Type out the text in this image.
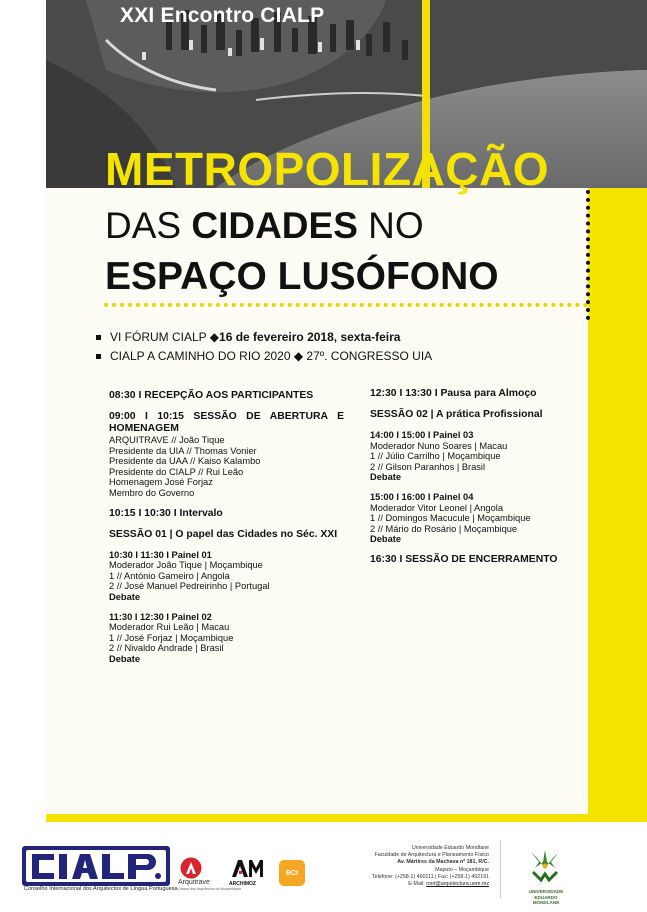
XXI Encontro CIALP
METROPOLIZAÇÃO
DAS CIDADES NO
ESPAÇO LUSÓFONO
VI FÓRUM CIALP ◆ 16 de fevereiro 2018, sexta-feira
CIALP A CAMINHO DO RIO 2020 ◆ 27º. CONGRESSO UIA
08:30 I RECEPÇÃO AOS PARTICIPANTES
09:00 I 10:15 SESSÃO DE ABERTURA E
HOMENAGEM
ARQUITRAVE // João Tique
Presidente da UIA // Thomas Vonier
Presidente da UAA // Kaiso Kalambo
Presidente do CIALP // Rui Leão
Homenagem José Forjaz
Membro do Governo
10:15 I 10:30 I Intervalo
SESSÃO 01 | O papel das Cidades no Séc. XXI
10:30 I 11:30 I Painel 01
Moderador João Tique | Moçambique
1 // António Gameiro | Angola
2 // José Manuel Pedreirinho | Portugal
Debate
11:30 I 12:30 I Painel 02
Moderador Rui Leão | Macau
1 // José Forjaz | Moçambique
2 // Nivaldo Andrade | Brasil
Debate
12:30 I 13:30 I Pausa para Almoço
SESSÃO 02 | A prática Profissional
14:00 I 15:00 I Painel 03
Moderador Nuno Soares | Macau
1 // Júlio Carrilho | Moçambique
2 // Gilson Paranhos | Brasil
Debate
15:00 I 16:00 I Painel 04
Moderador Vitor Leonel | Angola
1 // Domingos Macucule | Moçambique
2 // Mário do Rosário | Moçambique
Debate
16:30 I SESSÃO DE ENCERRAMENTO
Conselho Internacional dos Arquitectos de Língua Portuguesa
Arquitrave
Ordem dos Arquitectos de Moçambique
ARCHIMOZ
BCI
Universidade Eduardo Mondlane
Faculdade de Arquitectura e Planeamento Físico
Av. Mártires da Machava nº 181, R/C.
Maputo – Moçambique
Telefone: (+258-1) 490111 | Fax: (+258-1) 492191
E-Mail: root@arquitectura.uem.mz
UNIVERSIDADE
EDUARDO
MONDLANE
